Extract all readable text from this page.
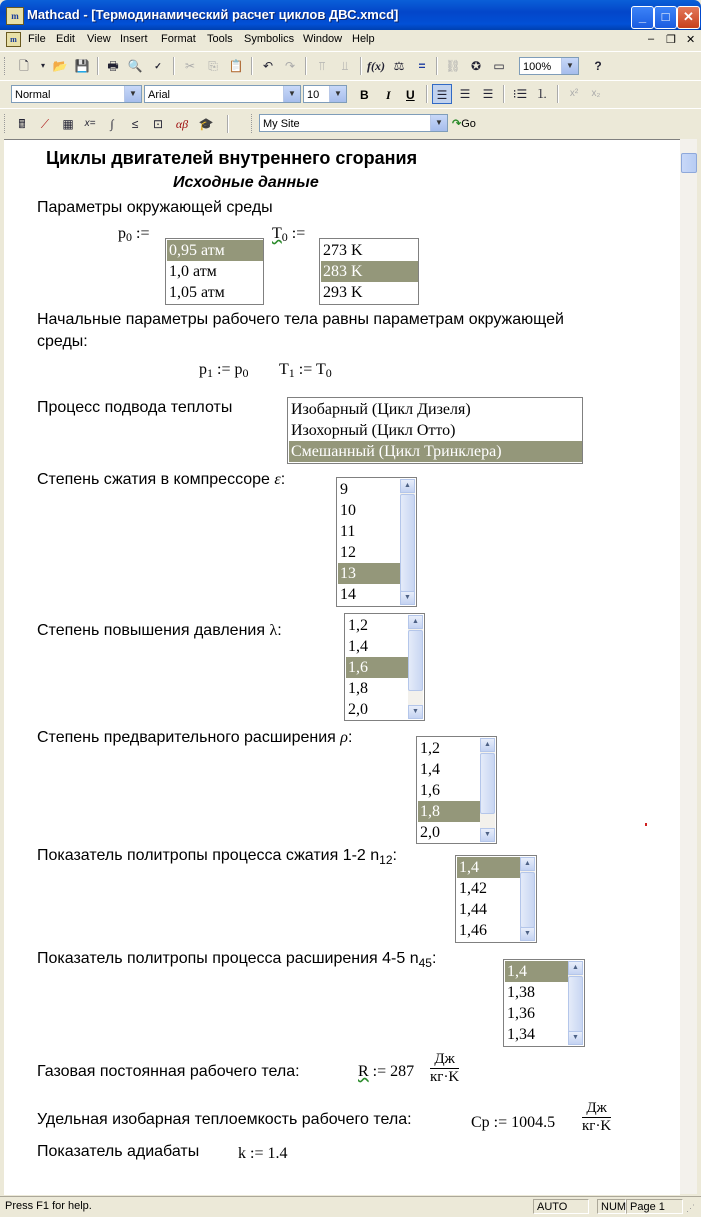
m Mathcad - [Термодинамический расчет циклов ДВС.xmcd]	_	□	✕
m	File Edit View Insert Format Tools Symbolics Window Help	– ❐ ✕
🗋	▾ 📂 💾	🖶 🔍	✓	✂	⎘ 📋	↶ ↷	⫪	⫫	f(x) ⚖	=	⛓ ✪	▭	100%	▼	?
Normal	▼	Arial	▼	10	▼	B I U	☰	☰	☰	⁝☰ ⒈	x²	x₂
🖩	⟋	▦	x=	∫	≤	⊡	αβ 🎓	My Site	▼ ↷Go
Циклы двигателей внутреннего сгорания
Исходные данные
Параметры окружающей среды
$p_0$ :=
0,95 атм
1,0 атм
1,05 атм
$T_0$ :=
273 K
283 K
293 K
Начальные параметры рабочего тела равны параметрам окружающей
среды:
$p_1$ := $p_0$ $T_1$ := $T_0$
Процесс подвода теплоты	Изобарный (Цикл Дизеля)
Изохорный (Цикл Отто)
Смешанный (Цикл Тринклера)
Степень сжатия в компрессоре ε:
9
10
11
12
13
14
▲
▼
Степень повышения давления λ:	1,2
1,4
1,6
1,8
2,0
▲
▼
Степень предварительного расширения ρ:
1,2
1,4
1,6
1,8
2,0
▲
▼
Показатель политропы процесса сжатия 1-2 $n_{12}$:
1,4
1,42
1,44
1,46
▲
▼
Показатель политропы процесса расширения 4-5 $n_{45}$:
1,4
1,38
1,36
1,34
▲
▼
Газовая постоянная рабочего тела:	R := 287
Дж
кг·K
Удельная изобарная теплоемкость рабочего тела:	Cp := 1004.5
Дж
кг·K
Показатель адиабаты k := 1.4
Press F1 for help.	AUTO	NUM Page 1	⋰
